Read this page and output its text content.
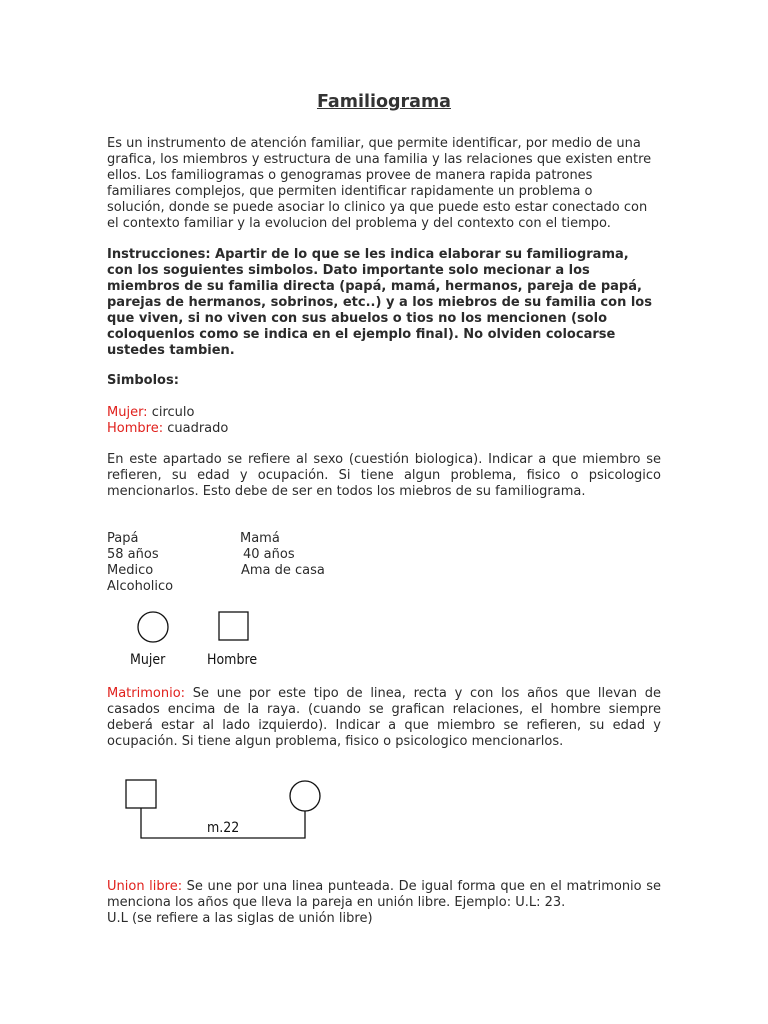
Familiograma
Es un instrumento de atención familiar, que permite identificar, por medio de una
grafica, los miembros y estructura de una familia y las relaciones que existen entre
ellos. Los familiogramas o genogramas provee de manera rapida patrones
familiares complejos, que permiten identificar rapidamente un problema o
solución, donde se puede asociar lo clinico ya que puede esto estar conectado con
el contexto familiar y la evolucion del problema y del contexto con el tiempo.
Instrucciones: Apartir de lo que se les indica elaborar su familiograma,
con los soguientes simbolos. Dato importante solo mecionar a los
miembros de su familia directa (papá, mamá, hermanos, pareja de papá,
parejas de hermanos, sobrinos, etc..) y a los miebros de su familia con los
que viven, si no viven con sus abuelos o tios no los mencionen (solo
coloquenlos como se indica en el ejemplo final). No olviden colocarse
ustedes tambien.
Simbolos:
Mujer: circulo
Hombre: cuadrado
En este apartado se refiere al sexo (cuestión biologica). Indicar a que miembro se refieren, su edad y ocupación. Si tiene algun problema, fisico o psicologico mencionarlos. Esto debe de ser en todos los miebros de su familiograma.
Papá
58 años
Medico
Alcoholico
Mamá
40 años
Ama de casa
Mujer	Hombre
Matrimonio: Se une por este tipo de linea, recta y con los años que llevan de casados encima de la raya. (cuando se grafican relaciones, el hombre siempre deberá estar al lado izquierdo). Indicar a que miembro se refieren, su edad y ocupación. Si tiene algun problema, fisico o psicologico mencionarlos.
m.22
Union libre: Se une por una linea punteada. De igual forma que en el matrimonio se menciona los años que lleva la pareja en unión libre. Ejemplo: U.L: 23.
U.L (se refiere a las siglas de unión libre)
